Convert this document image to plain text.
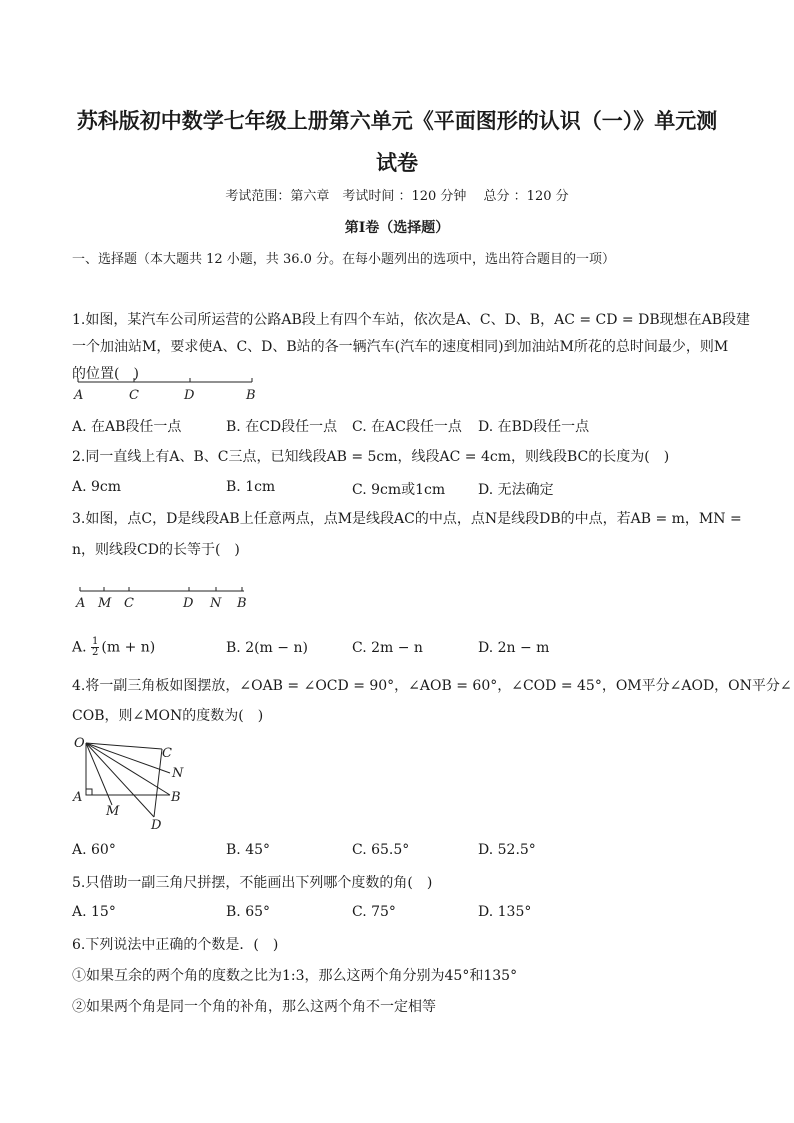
苏科版初中数学七年级上册第六单元《平面图形的认识（一）》单元测
试卷
考试范围：第六章　考试时间 ：120 分钟　 总分 ：120 分
第Ⅰ卷（选择题）
一、选择题（本大题共 12 小题，共 36.0 分。在每小题列出的选项中，选出符合题目的一项）
1.如图，某汽车公司所运营的公路AB段上有四个车站，依次是A、C、D、B，AC = CD = DB现想在AB段建
一个加油站M，要求使A、C、D、B站的各一辆汽车(汽车的速度相同)到加油站M所花的总时间最少，则M
的位置(　)
A	C	D	B
A. 在AB段任一点	B. 在CD段任一点 C. 在AC段任一点 D. 在BD段任一点
2.同一直线上有A、B、C三点，已知线段AB = 5cm，线段AC = 4cm，则线段BC的长度为(　)
A. 9cm	B. 1cm	C. 9cm或1cm D. 无法确定
3.如图，点C，D是线段AB上任意两点，点M是线段AC的中点，点N是线段DB的中点，若AB = m，MN =
n，则线段CD的长等于(　)
A M C	D N B
A. $\frac{1}{2} (m + n)$	B. 2(m − n)	C. 2m − n	D. 2n − m
4.将一副三角板如图摆放，∠OAB = ∠OCD = 90°，∠AOB = 60°，∠COD = 45°，OM平分∠AOD，ON平分∠
COB，则∠MON的度数为(　)
O
C
N
A	B
M
D
A. 60°	B. 45°	C. 65.5°	D. 52.5°
5.只借助一副三角尺拼摆，不能画出下列哪个度数的角(　)
A. 15°	B. 65°	C. 75°	D. 135°
6.下列说法中正确的个数是．(　)
①如果互余的两个角的度数之比为1:3，那么这两个角分别为45°和135°
②如果两个角是同一个角的补角，那么这两个角不一定相等
